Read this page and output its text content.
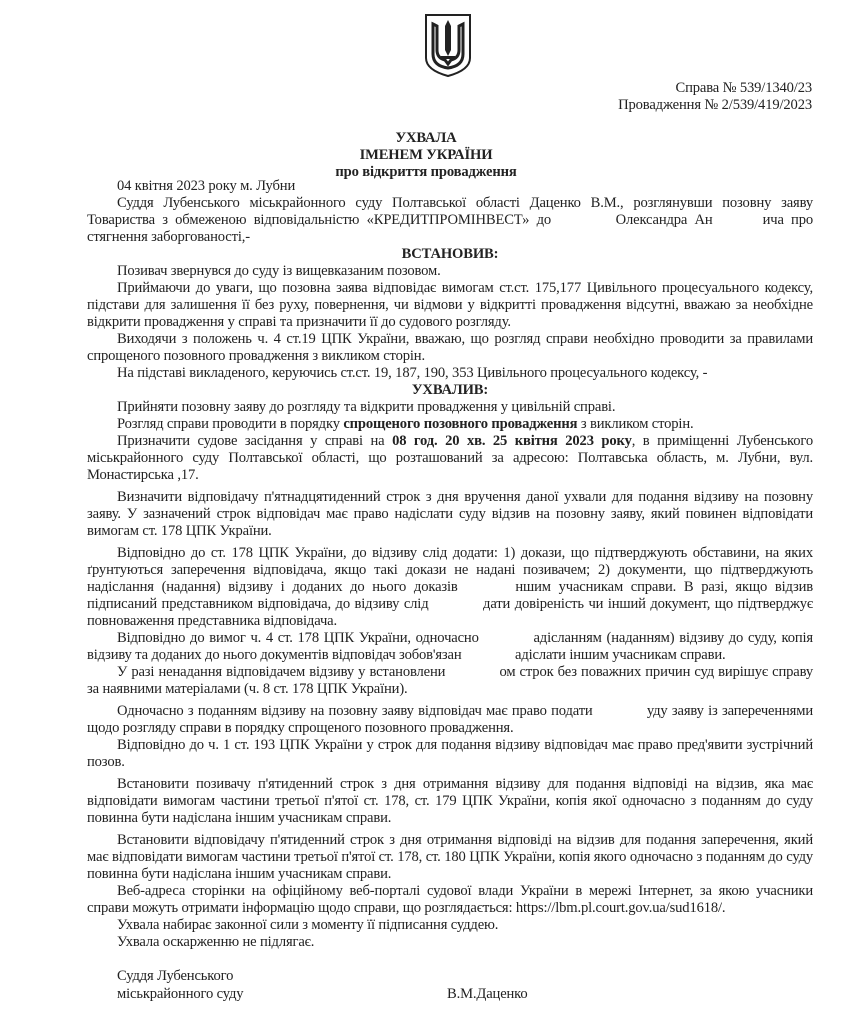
Справа № 539/1340/23
Провадження № 2/539/419/2023
УХВАЛА
ІМЕНЕМ УКРАЇНИ
про відкриття провадження

04 квітня 2023 року м. Лубни

Суддя Лубенського міськрайонного суду Полтавської області Даценко В.М., розглянувши позовну заяву Товариства з обмеженою відповідальністю «КРЕДИТПРОМІНВЕСТ» до	Олександра Ан	ича про стягнення заборгованості,-

ВСТАНОВИВ:

Позивач звернувся до суду із вищевказаним позовом.

Приймаючи до уваги, що позовна заява відповідає вимогам ст.ст. 175,177 Цивільного процесуального кодексу, підстави для залишення її без руху, повернення, чи відмови у відкритті провадження відсутні, вважаю за необхідне відкрити провадження у справі та призначити її до судового розгляду.

Виходячи з положень ч. 4 ст.19 ЦПК України, вважаю, що розгляд справи необхідно проводити за правилами спрощеного позовного провадження з викликом сторін.

На підставі викладеного, керуючись ст.ст. 19, 187, 190, 353 Цивільного процесуального кодексу, -

УХВАЛИВ:

Прийняти позовну заяву до розгляду та відкрити провадження у цивільній справі.

Розгляд справи проводити в порядку спрощеного позовного провадження з викликом сторін.

Призначити судове засідання у справі на 08 год. 20 хв. 25 квітня 2023 року, в приміщенні Лубенського міськрайонного суду Полтавської області, що розташований за адресою: Полтавська область, м. Лубни, вул. Монастирська ,17.

Визначити відповідачу п'ятнадцятиденний строк з дня вручення даної ухвали для подання відзиву на позовну заяву. У зазначений строк відповідач має право надіслати суду відзив на позовну заяву, який повинен відповідати вимогам ст. 178 ЦПК України.

Відповідно до ст. 178 ЦПК України, до відзиву слід додати: 1) докази, що підтверджують обставини, на яких ґрунтуються заперечення відповідача, якщо такі докази не надані позивачем; 2) документи, що підтверджують надіслання (надання) відзиву і доданих до нього доказів	ншим учасникам справи. В разі, якщо відзив підписаний представником відповідача, до відзиву слід	дати довіреність чи інший документ, що підтверджує повноваження представника відповідача.

Відповідно до вимог ч. 4 ст. 178 ЦПК України, одночасно	адісланням (наданням) відзиву до суду, копія відзиву та доданих до нього документів відповідач зобов'язан	адіслати іншим учасникам справи.

У разі ненадання відповідачем відзиву у встановлени	ом строк без поважних причин суд вирішує справу за наявними матеріалами (ч. 8 ст. 178 ЦПК України).

Одночасно з поданням відзиву на позовну заяву відповідач має право подати	уду заяву із запереченнями щодо розгляду справи в порядку спрощеного позовного провадження.

Відповідно до ч. 1 ст. 193 ЦПК України у строк для подання відзиву відповідач має право пред'явити зустрічний позов.

Встановити позивачу п'ятиденний строк з дня отримання відзиву для подання відповіді на відзив, яка має відповідати вимогам частини третьої п'ятої ст. 178, ст. 179 ЦПК України, копія якої одночасно з поданням до суду повинна бути надіслана іншим учасникам справи.

Встановити відповідачу п'ятиденний строк з дня отримання відповіді на відзив для подання заперечення, який має відповідати вимогам частини третьої п'ятої ст. 178, ст. 180 ЦПК України, копія якого одночасно з поданням до суду повинна бути надіслана іншим учасникам справи.

Веб-адреса сторінки на офіційному веб-порталі судової влади України в мережі Інтернет, за якою учасники справи можуть отримати інформацію щодо справи, що розглядається: https://lbm.pl.court.gov.ua/sud1618/.

Ухвала набирає законної сили з моменту її підписання суддею.

Ухвала оскарженню не підлягає.

Суддя Лубенського
міськрайонного суду	В.М.Даценко
